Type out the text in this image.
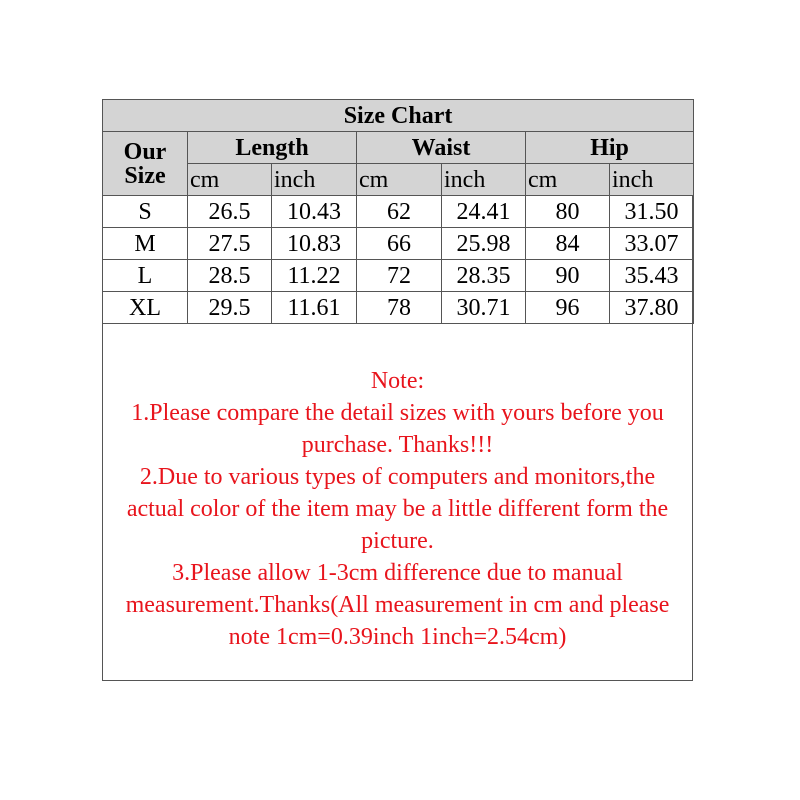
Size Chart						
Our
Size	Length		Waist		Hip	
	cm	inch	cm	inch	cm	inch
S	26.5	10.43	62	24.41	80	31.50
M	27.5	10.83	66	25.98	84	33.07
L	28.5	11.22	72	28.35	90	35.43
XL	29.5	11.61	78	30.71	96	37.80
Note:
1.Please compare the detail sizes with yours before you
purchase. Thanks!!!
2.Due to various types of computers and monitors,the
actual color of the item may be a little different form the
picture.
3.Please allow 1-3cm difference due to manual
measurement.Thanks(All measurement in cm and please
note 1cm=0.39inch 1inch=2.54cm)
